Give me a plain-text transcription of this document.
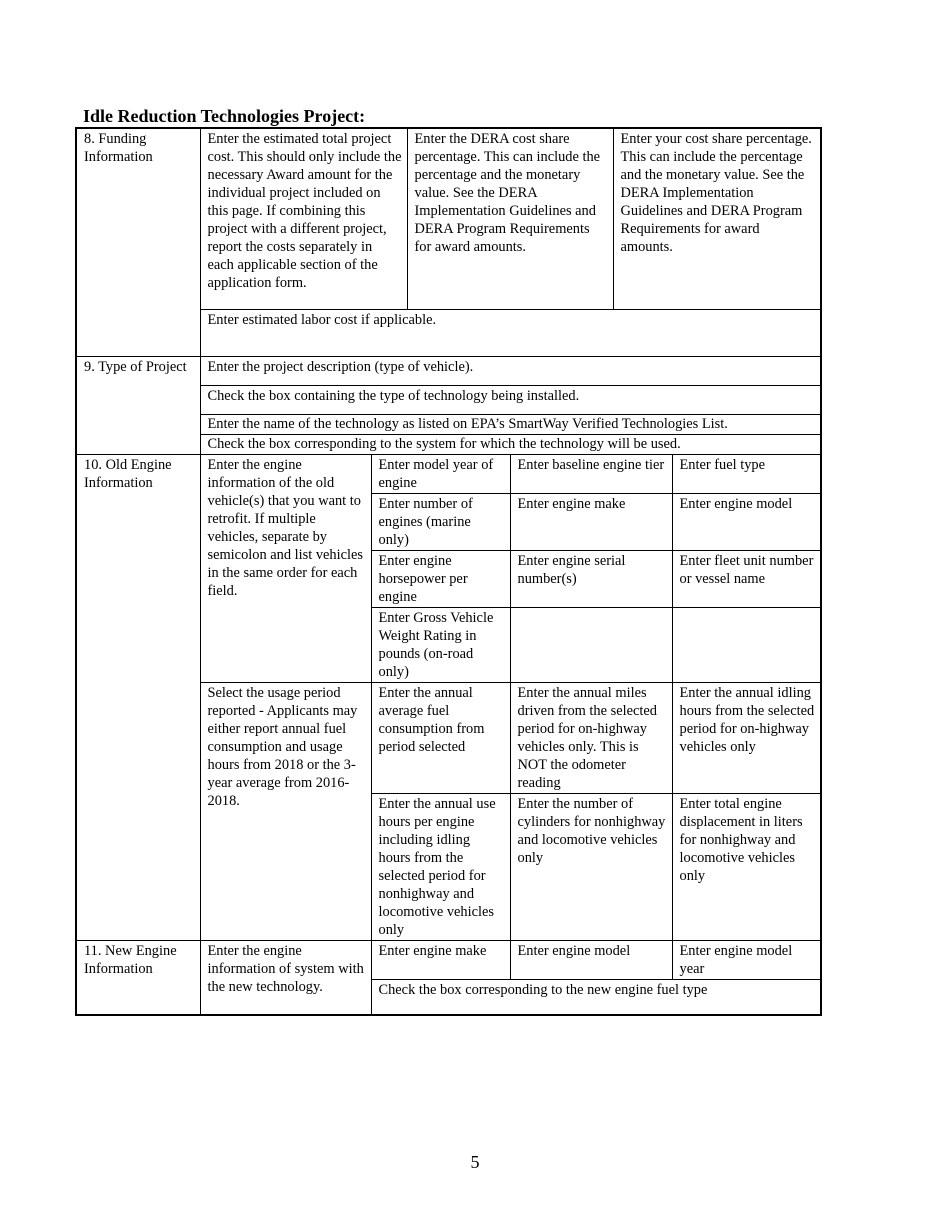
Idle Reduction Technologies Project:
8. Funding Information	Enter the estimated total project cost. This should only include the necessary Award amount for the individual project included on this page. If combining this project with a different project, report the costs separately in each applicable section of the application form.		Enter the DERA cost share percentage. This can include the percentage and the monetary value. See the DERA Implementation Guidelines and DERA Program Requirements for award amounts.		Enter your cost share percentage. This can include the percentage and the monetary value. See the DERA Implementation Guidelines and DERA Program Requirements for award amounts.	
	Enter estimated labor cost if applicable.					
9. Type of Project	Enter the project description (type of vehicle).					
	Check the box containing the type of technology being installed.					
	Enter the name of the technology as listed on EPA’s SmartWay Verified Technologies List.					
	Check the box corresponding to the system for which the technology will be used.					
10. Old Engine Information	Enter the engine information of the old vehicle(s) that you want to retrofit. If multiple vehicles, separate by semicolon and list vehicles in the same order for each field.	Enter model year of engine		Enter baseline engine tier		Enter fuel type
		Enter number of engines (marine only)		Enter engine make		Enter engine model
		Enter engine horsepower per engine		Enter engine serial number(s)		Enter fleet unit number or vessel name
		Enter Gross Vehicle Weight Rating in pounds (on-road only)				
	Select the usage period reported - Applicants may either report annual fuel consumption and usage hours from 2018 or the 3-year average from 2016-2018.	Enter the annual average fuel consumption from period selected		Enter the annual miles driven from the selected period for on-highway vehicles only. This is NOT the odometer reading		Enter the annual idling hours from the selected period for on-highway vehicles only
		Enter the annual use hours per engine including idling hours from the selected period for nonhighway and locomotive vehicles only		Enter the number of cylinders for nonhighway and locomotive vehicles only		Enter total engine displacement in liters for nonhighway and locomotive vehicles only
11. New Engine Information	Enter the engine information of system with the new technology.	Enter engine make		Enter engine model		Enter engine model year
		Check the box corresponding to the new engine fuel type				
5
